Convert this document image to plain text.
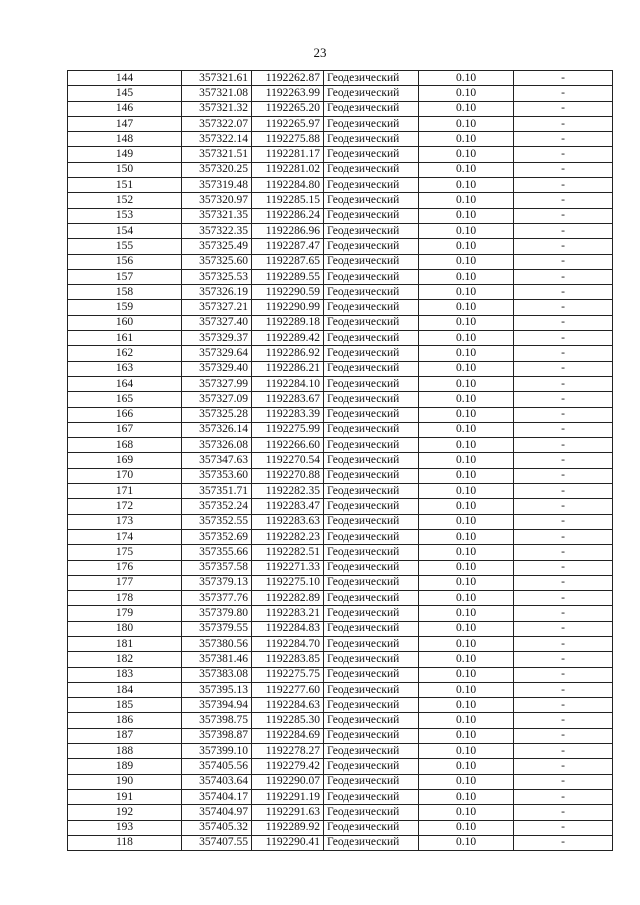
23
144	357321.61	1192262.87	Геодезический	0.10	-
145	357321.08	1192263.99	Геодезический	0.10	-
146	357321.32	1192265.20	Геодезический	0.10	-
147	357322.07	1192265.97	Геодезический	0.10	-
148	357322.14	1192275.88	Геодезический	0.10	-
149	357321.51	1192281.17	Геодезический	0.10	-
150	357320.25	1192281.02	Геодезический	0.10	-
151	357319.48	1192284.80	Геодезический	0.10	-
152	357320.97	1192285.15	Геодезический	0.10	-
153	357321.35	1192286.24	Геодезический	0.10	-
154	357322.35	1192286.96	Геодезический	0.10	-
155	357325.49	1192287.47	Геодезический	0.10	-
156	357325.60	1192287.65	Геодезический	0.10	-
157	357325.53	1192289.55	Геодезический	0.10	-
158	357326.19	1192290.59	Геодезический	0.10	-
159	357327.21	1192290.99	Геодезический	0.10	-
160	357327.40	1192289.18	Геодезический	0.10	-
161	357329.37	1192289.42	Геодезический	0.10	-
162	357329.64	1192286.92	Геодезический	0.10	-
163	357329.40	1192286.21	Геодезический	0.10	-
164	357327.99	1192284.10	Геодезический	0.10	-
165	357327.09	1192283.67	Геодезический	0.10	-
166	357325.28	1192283.39	Геодезический	0.10	-
167	357326.14	1192275.99	Геодезический	0.10	-
168	357326.08	1192266.60	Геодезический	0.10	-
169	357347.63	1192270.54	Геодезический	0.10	-
170	357353.60	1192270.88	Геодезический	0.10	-
171	357351.71	1192282.35	Геодезический	0.10	-
172	357352.24	1192283.47	Геодезический	0.10	-
173	357352.55	1192283.63	Геодезический	0.10	-
174	357352.69	1192282.23	Геодезический	0.10	-
175	357355.66	1192282.51	Геодезический	0.10	-
176	357357.58	1192271.33	Геодезический	0.10	-
177	357379.13	1192275.10	Геодезический	0.10	-
178	357377.76	1192282.89	Геодезический	0.10	-
179	357379.80	1192283.21	Геодезический	0.10	-
180	357379.55	1192284.83	Геодезический	0.10	-
181	357380.56	1192284.70	Геодезический	0.10	-
182	357381.46	1192283.85	Геодезический	0.10	-
183	357383.08	1192275.75	Геодезический	0.10	-
184	357395.13	1192277.60	Геодезический	0.10	-
185	357394.94	1192284.63	Геодезический	0.10	-
186	357398.75	1192285.30	Геодезический	0.10	-
187	357398.87	1192284.69	Геодезический	0.10	-
188	357399.10	1192278.27	Геодезический	0.10	-
189	357405.56	1192279.42	Геодезический	0.10	-
190	357403.64	1192290.07	Геодезический	0.10	-
191	357404.17	1192291.19	Геодезический	0.10	-
192	357404.97	1192291.63	Геодезический	0.10	-
193	357405.32	1192289.92	Геодезический	0.10	-
118	357407.55	1192290.41	Геодезический	0.10	-
